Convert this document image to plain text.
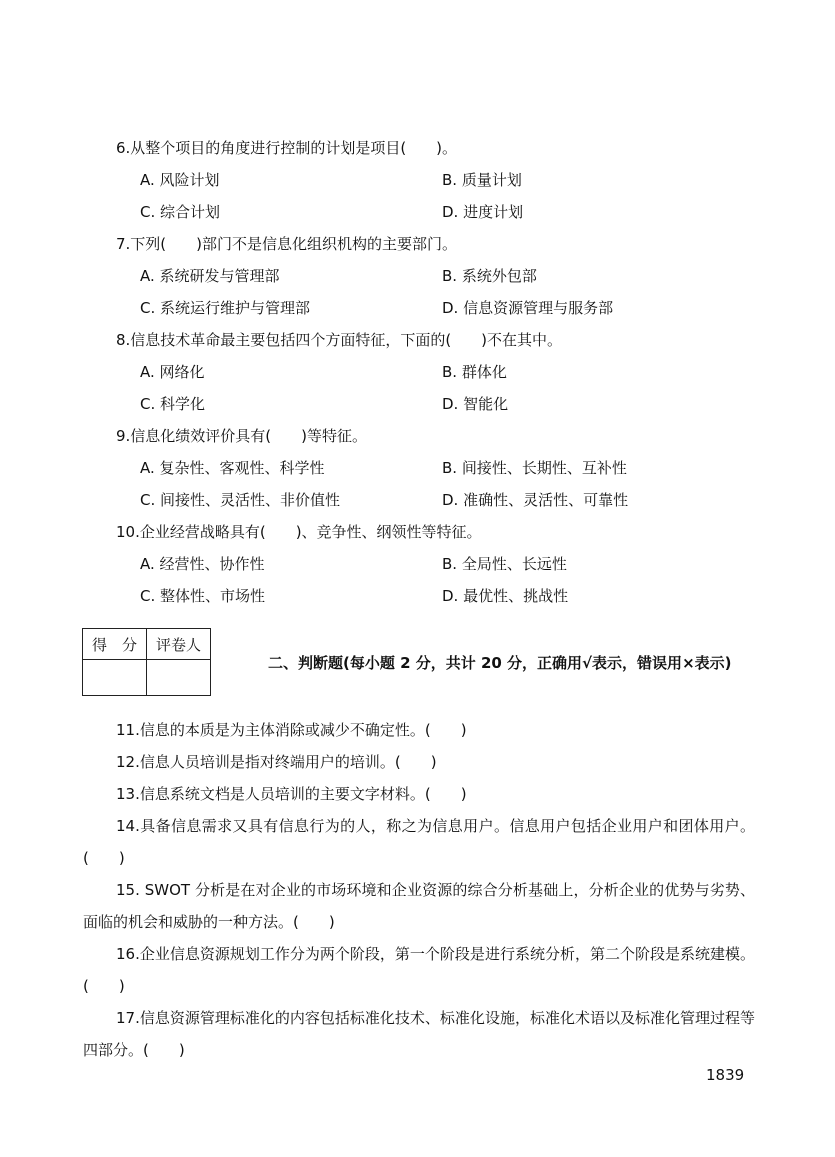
6.从整个项目的角度进行控制的计划是项目(　　)。
A. 风险计划	B. 质量计划
C. 综合计划	D. 进度计划
7.下列(　　)部门不是信息化组织机构的主要部门。
A. 系统研发与管理部	B. 系统外包部
C. 系统运行维护与管理部	D. 信息资源管理与服务部
8.信息技术革命最主要包括四个方面特征，下面的(　　)不在其中。
A. 网络化	B. 群体化
C. 科学化	D. 智能化
9.信息化绩效评价具有(　　)等特征。
A. 复杂性、客观性、科学性	B. 间接性、长期性、互补性
C. 间接性、灵活性、非价值性	D. 准确性、灵活性、可靠性
10.企业经营战略具有(　　)、竞争性、纲领性等特征。
A. 经营性、协作性	B. 全局性、长远性
C. 整体性、市场性	D. 最优性、挑战性
得　分	评卷人

二、判断题(每小题 2 分，共计 20 分，正确用√表示，错误用×表示)
11.信息的本质是为主体消除或减少不确定性。(　　)
12.信息人员培训是指对终端用户的培训。(　　)
13.信息系统文档是人员培训的主要文字材料。(　　)
14.具备信息需求又具有信息行为的人，称之为信息用户。信息用户包括企业用户和团体用户。(　　)
15. SWOT 分析是在对企业的市场环境和企业资源的综合分析基础上，分析企业的优势与劣势、面临的机会和威胁的一种方法。(　　)
16.企业信息资源规划工作分为两个阶段，第一个阶段是进行系统分析，第二个阶段是系统建模。(　　)
17.信息资源管理标准化的内容包括标准化技术、标准化设施，标准化术语以及标准化管理过程等四部分。(　　)
1839
